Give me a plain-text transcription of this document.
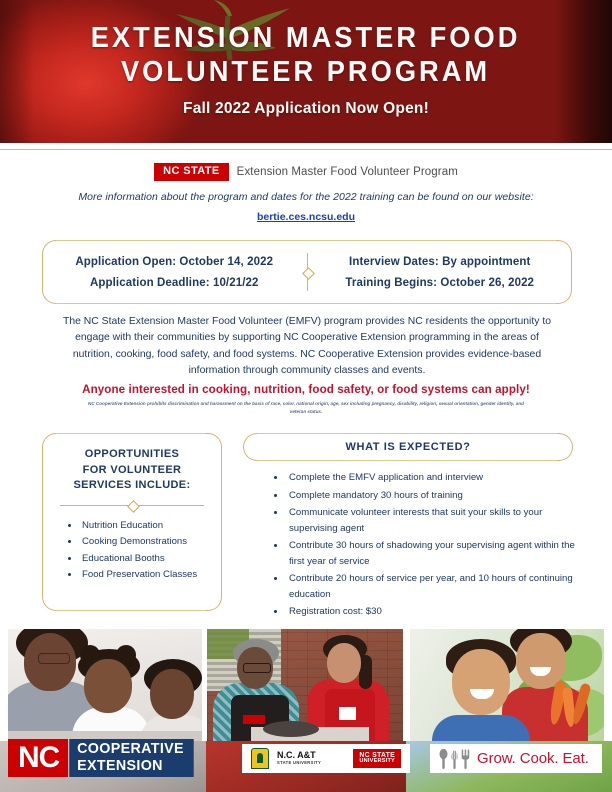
EXTENSION MASTER FOOD
VOLUNTEER PROGRAM
Fall 2022 Application Now Open!
NC STATE	Extension Master Food Volunteer Program
More information about the program and dates for the 2022 training can be found on our website:
bertie.ces.ncsu.edu
Application Open: October 14, 2022
Application Deadline: 10/21/22
Interview Dates: By appointment
Training Begins: October 26, 2022
The NC State Extension Master Food Volunteer (EMFV) program provides NC residents the opportunity to engage with their communities by supporting NC Cooperative Extension programming in the areas of nutrition, cooking, food safety, and food systems. NC Cooperative Extension provides evidence-based information through community classes and events.
Anyone interested in cooking, nutrition, food safety, or food systems can apply!
NC Cooperative Extension prohibits discrimination and harassment on the basis of race, color, national origin, age, sex including pregnancy, disability, religion, sexual orientation, gender identity, and veteran status.
OPPORTUNITIES
FOR VOLUNTEER
SERVICES INCLUDE:
• Nutrition Education
• Cooking Demonstrations
• Educational Booths
• Food Preservation Classes
WHAT IS EXPECTED?
• Complete the EMFV application and interview
• Complete mandatory 30 hours of training
• Communicate volunteer interests that suit your skills to your supervising agent
• Contribute 30 hours of shadowing your supervising agent within the first year of service
• Contribute 20 hours of service per year, and 10 hours of continuing education
• Registration cost: $30
NC	COOPERATIVE
EXTENSION
N.C. A&T
STATE UNIVERSITY
NC STATE
UNIVERSITY	Grow. Cook. Eat.
